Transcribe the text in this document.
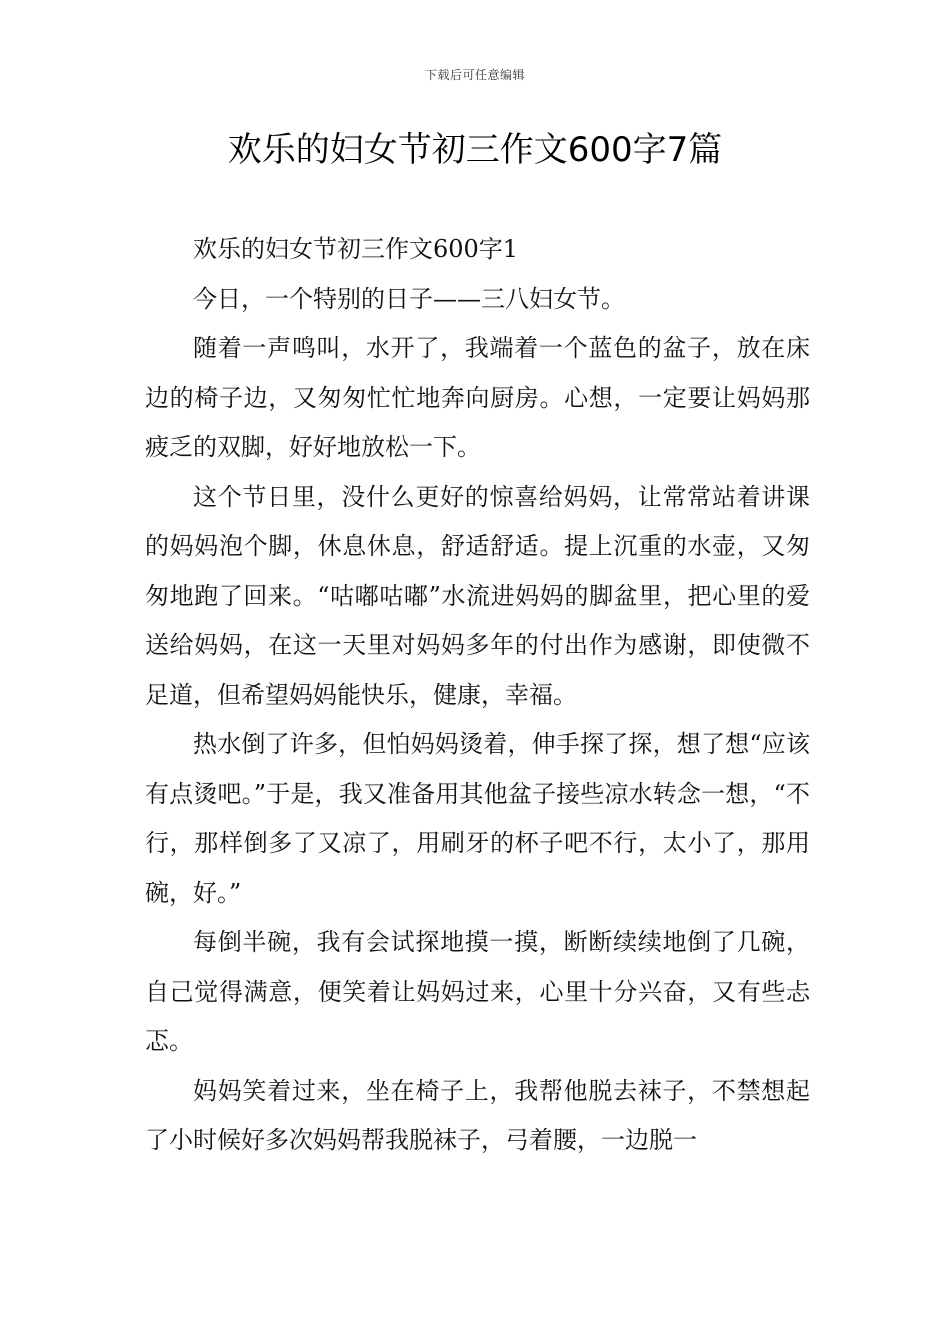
下载后可任意编辑
欢乐的妇女节初三作文600字7篇

欢乐的妇女节初三作文600字1

今日，一个特别的日子——三八妇女节。

随着一声鸣叫，水开了，我端着一个蓝色的盆子，放在床边的椅子边，又匆匆忙忙地奔向厨房。心想，一定要让妈妈那疲乏的双脚，好好地放松一下。

这个节日里，没什么更好的惊喜给妈妈，让常常站着讲课的妈妈泡个脚，休息休息，舒适舒适。提上沉重的水壶，又匆匆地跑了回来。“咕嘟咕嘟”水流进妈妈的脚盆里，把心里的爱送给妈妈，在这一天里对妈妈多年的付出作为感谢，即使微不足道，但希望妈妈能快乐，健康，幸福。

热水倒了许多，但怕妈妈烫着，伸手探了探，想了想“应该有点烫吧。”于是，我又准备用其他盆子接些凉水转念一想，“不行，那样倒多了又凉了，用刷牙的杯子吧不行，太小了，那用碗，好。”

每倒半碗，我有会试探地摸一摸，断断续续地倒了几碗，自己觉得满意，便笑着让妈妈过来，心里十分兴奋，又有些忐忑。

妈妈笑着过来，坐在椅子上，我帮他脱去袜子，不禁想起了小时候好多次妈妈帮我脱袜子，弓着腰，一边脱一
